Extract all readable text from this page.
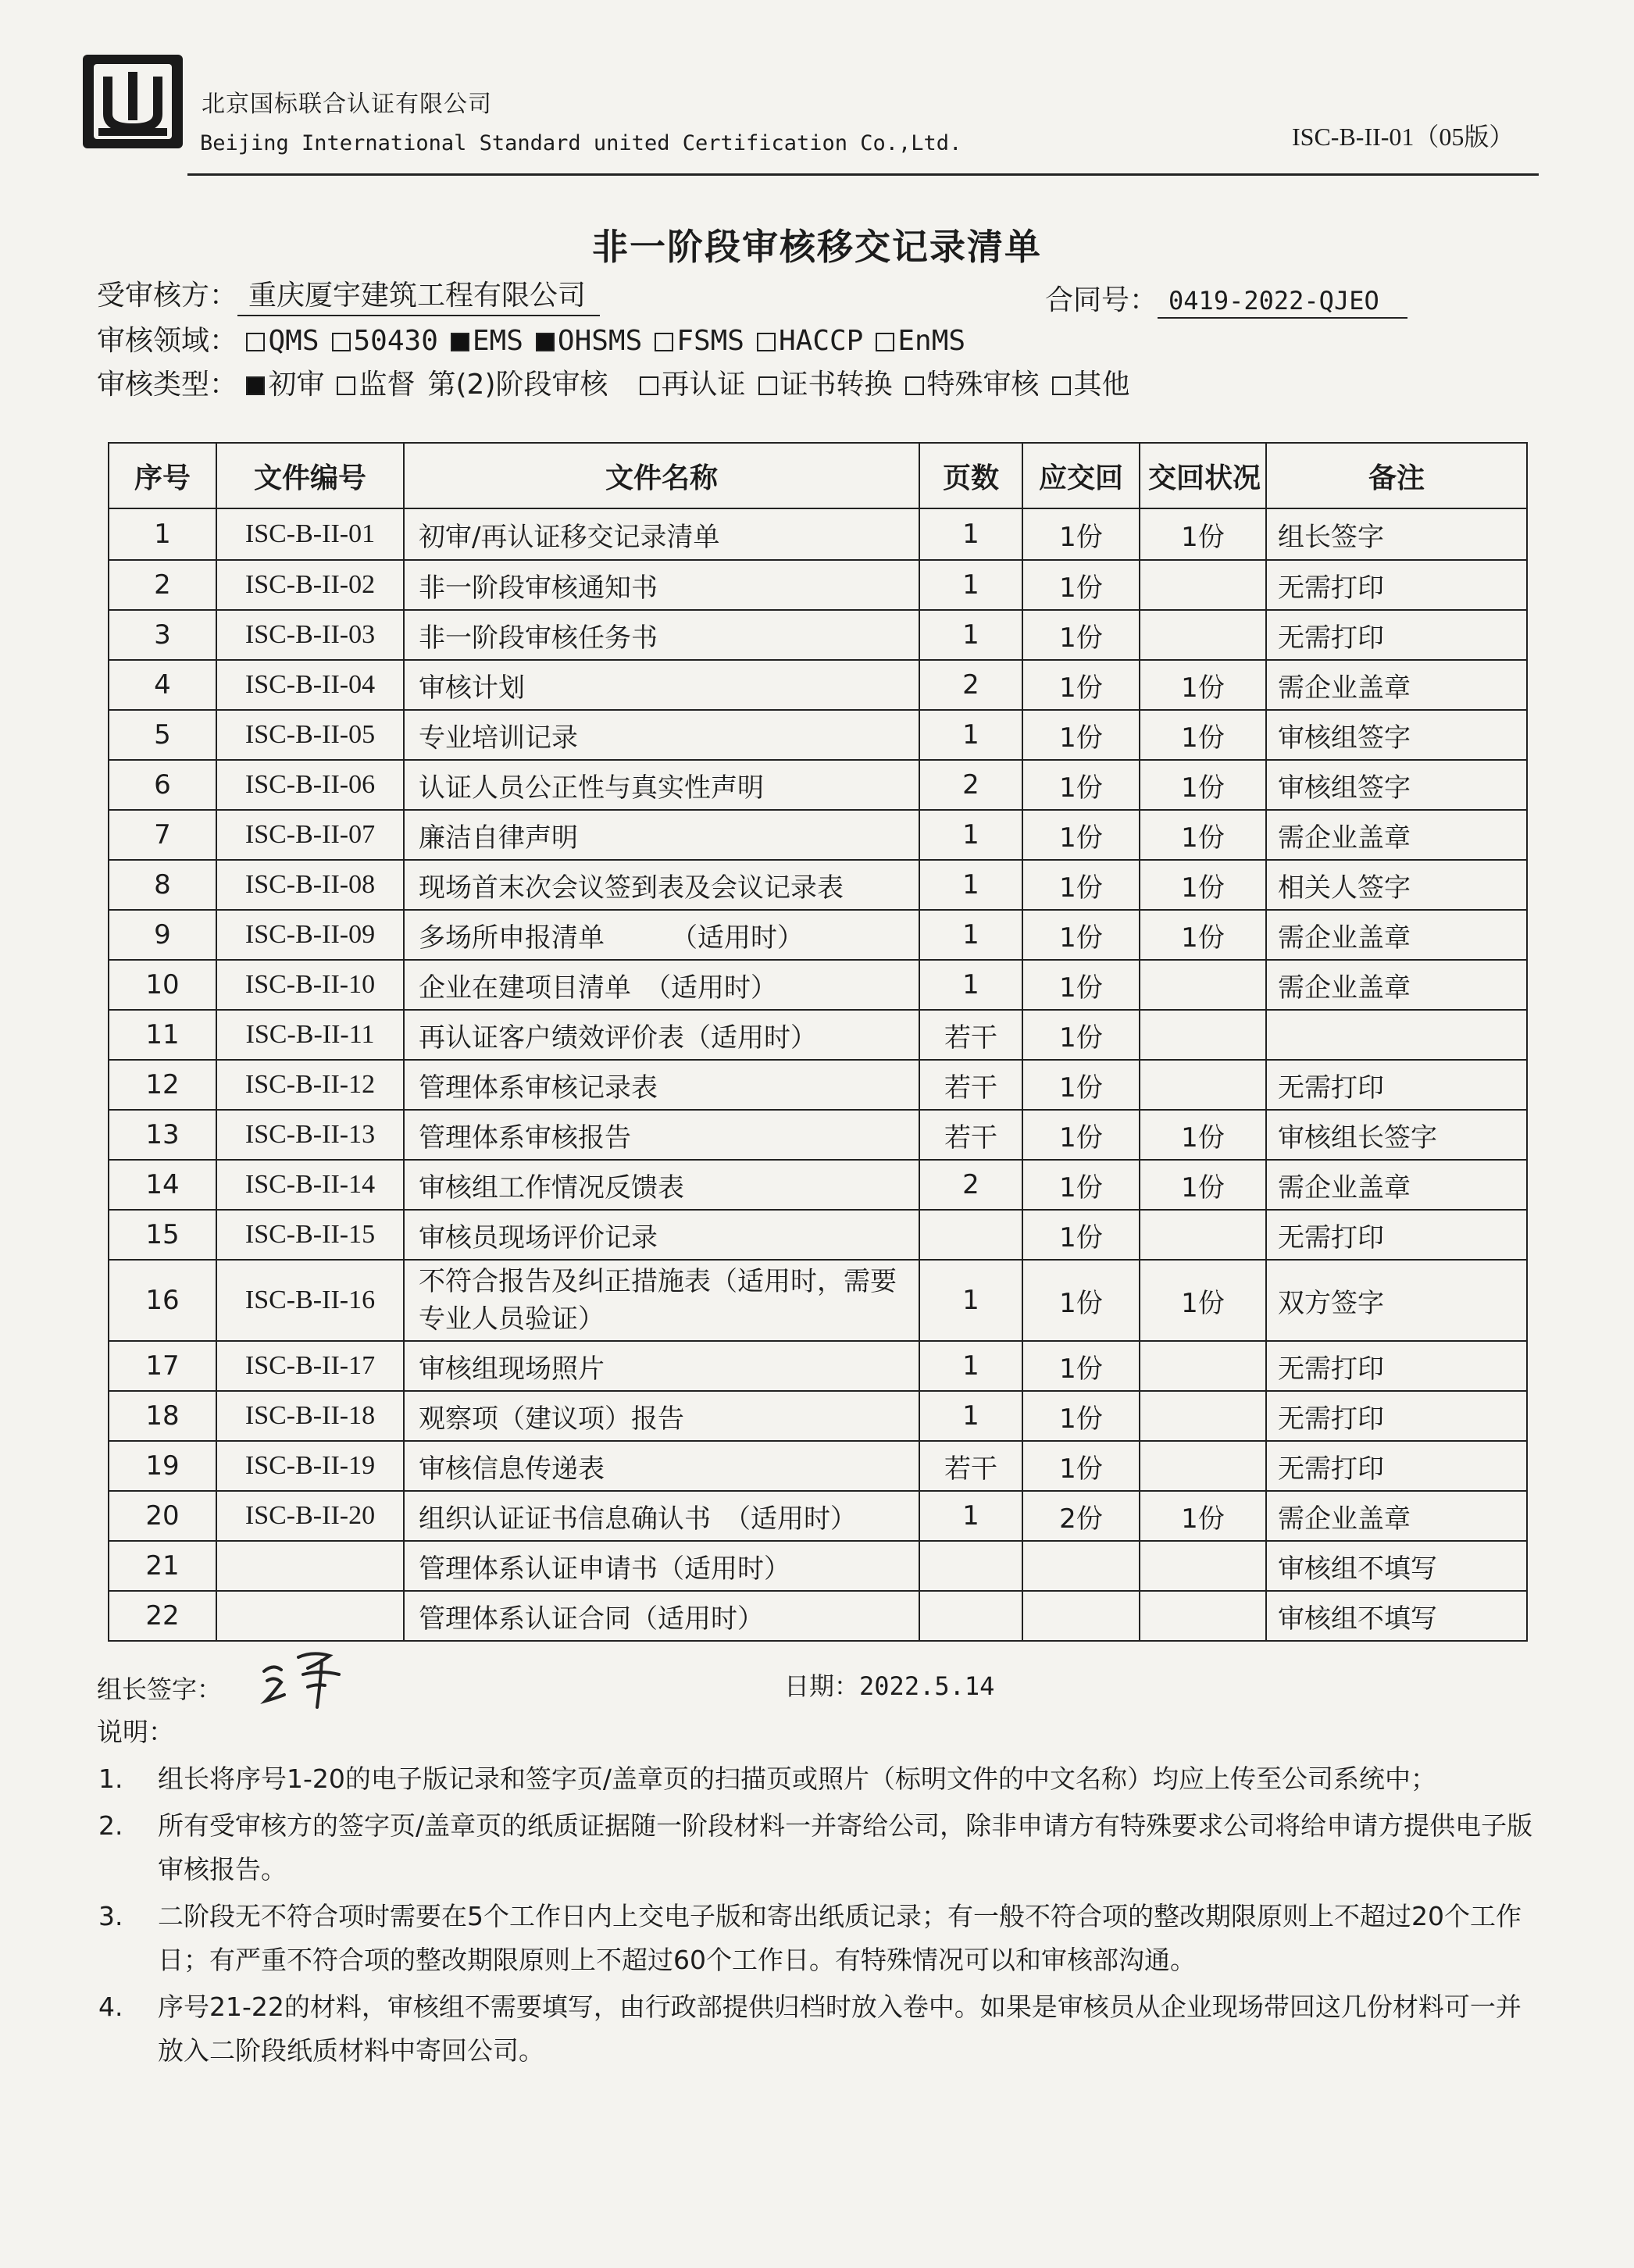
北京国标联合认证有限公司
Beijing International Standard united Certification Co.,Ltd.	ISC-B-II-01（05版）
非一阶段审核移交记录清单
受审核方： 重庆厦宇建筑工程有限公司	合同号： 0419-2022-QJEO
审核领域： QMS 50430 EMS OHSMS FSMS HACCP EnMS
审核类型： 初审 监督 第(2)阶段审核 再认证 证书转换 特殊审核 其他
序号	文件编号	文件名称	页数	应交回	交回状况	备注
1	ISC-B-II-01	初审/再认证移交记录清单	1	1份	1份	组长签字
2	ISC-B-II-02	非一阶段审核通知书	1	1份		无需打印
3	ISC-B-II-03	非一阶段审核任务书	1	1份		无需打印
4	ISC-B-II-04	审核计划	2	1份	1份	需企业盖章
5	ISC-B-II-05	专业培训记录	1	1份	1份	审核组签字
6	ISC-B-II-06	认证人员公正性与真实性声明	2	1份	1份	审核组签字
7	ISC-B-II-07	廉洁自律声明	1	1份	1份	需企业盖章
8	ISC-B-II-08	现场首末次会议签到表及会议记录表	1	1份	1份	相关人签字
9	ISC-B-II-09	多场所申报清单　　　（适用时）	1	1份	1份	需企业盖章
10	ISC-B-II-10	企业在建项目清单　（适用时）	1	1份		需企业盖章
11	ISC-B-II-11	再认证客户绩效评价表（适用时）	若干	1份		
12	ISC-B-II-12	管理体系审核记录表	若干	1份		无需打印
13	ISC-B-II-13	管理体系审核报告	若干	1份	1份	审核组长签字
14	ISC-B-II-14	审核组工作情况反馈表	2	1份	1份	需企业盖章
15	ISC-B-II-15	审核员现场评价记录		1份		无需打印
16	ISC-B-II-16	不符合报告及纠正措施表（适用时，需要专业人员验证）	1	1份	1份	双方签字
17	ISC-B-II-17	审核组现场照片	1	1份		无需打印
18	ISC-B-II-18	观察项（建议项）报告	1	1份		无需打印
19	ISC-B-II-19	审核信息传递表	若干	1份		无需打印
20	ISC-B-II-20	组织认证证书信息确认书　（适用时）	1	2份	1份	需企业盖章
21		管理体系认证申请书（适用时）				审核组不填写
22		管理体系认证合同（适用时）				审核组不填写
组长签字：	日期：2022.5.14
说明：
1. 组长将序号1-20的电子版记录和签字页/盖章页的扫描页或照片（标明文件的中文名称）均应上传至公司系统中；
2. 所有受审核方的签字页/盖章页的纸质证据随一阶段材料一并寄给公司，除非申请方有特殊要求公司将给申请方提供电子版审核报告。
3. 二阶段无不符合项时需要在5个工作日内上交电子版和寄出纸质记录；有一般不符合项的整改期限原则上不超过20个工作日；有严重不符合项的整改期限原则上不超过60个工作日。有特殊情况可以和审核部沟通。
4. 序号21-22的材料，审核组不需要填写，由行政部提供归档时放入卷中。如果是审核员从企业现场带回这几份材料可一并放入二阶段纸质材料中寄回公司。
